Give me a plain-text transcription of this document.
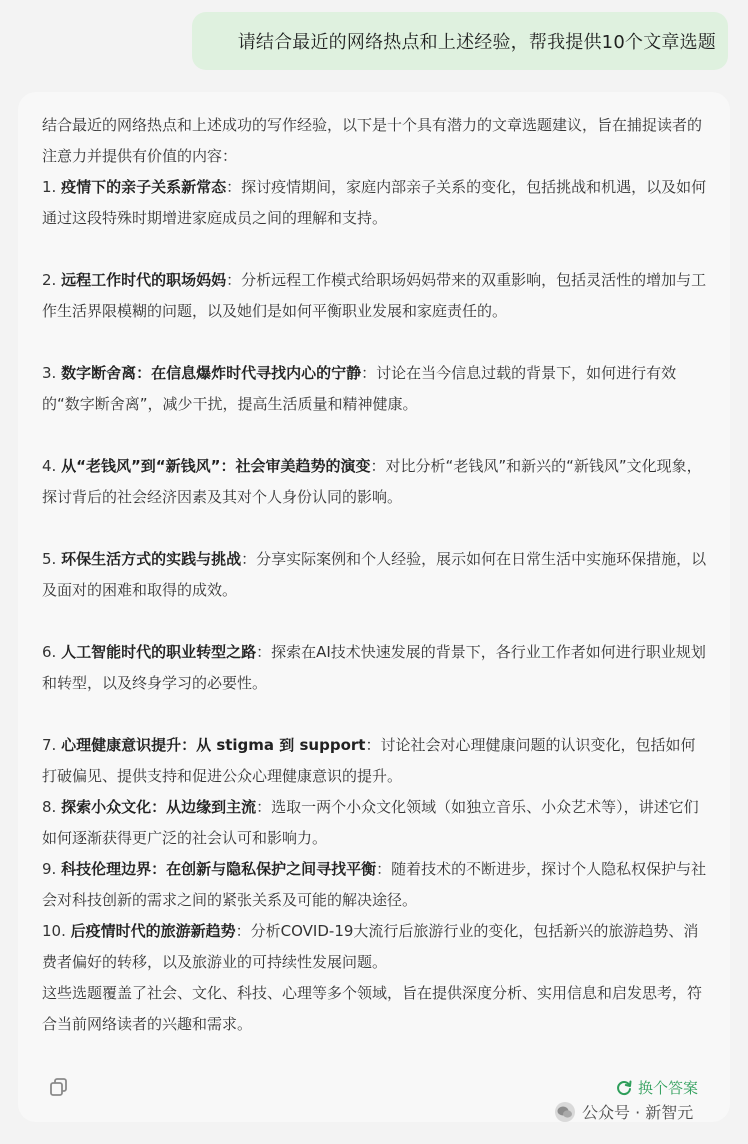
请结合最近的网络热点和上述经验，帮我提供10个文章选题

结合最近的网络热点和上述成功的写作经验，以下是十个具有潜力的文章选题建议，旨在捕捉读者的注意力并提供有价值的内容：

1. 疫情下的亲子关系新常态：探讨疫情期间，家庭内部亲子关系的变化，包括挑战和机遇，以及如何通过这段特殊时期增进家庭成员之间的理解和支持。

2. 远程工作时代的职场妈妈：分析远程工作模式给职场妈妈带来的双重影响，包括灵活性的增加与工作生活界限模糊的问题，以及她们是如何平衡职业发展和家庭责任的。

3. 数字断舍离：在信息爆炸时代寻找内心的宁静：讨论在当今信息过载的背景下，如何进行有效的“数字断舍离”，减少干扰，提高生活质量和精神健康。

4. 从“老钱风”到“新钱风”：社会审美趋势的演变：对比分析“老钱风”和新兴的“新钱风”文化现象，探讨背后的社会经济因素及其对个人身份认同的影响。

5. 环保生活方式的实践与挑战：分享实际案例和个人经验，展示如何在日常生活中实施环保措施，以及面对的困难和取得的成效。

6. 人工智能时代的职业转型之路：探索在AI技术快速发展的背景下，各行业工作者如何进行职业规划和转型，以及终身学习的必要性。

7. 心理健康意识提升：从 stigma 到 support：讨论社会对心理健康问题的认识变化，包括如何打破偏见、提供支持和促进公众心理健康意识的提升。

8. 探索小众文化：从边缘到主流：选取一两个小众文化领域（如独立音乐、小众艺术等），讲述它们如何逐渐获得更广泛的社会认可和影响力。

9. 科技伦理边界：在创新与隐私保护之间寻找平衡：随着技术的不断进步，探讨个人隐私权保护与社会对科技创新的需求之间的紧张关系及可能的解决途径。

10. 后疫情时代的旅游新趋势：分析COVID-19大流行后旅游行业的变化，包括新兴的旅游趋势、消费者偏好的转移，以及旅游业的可持续性发展问题。

这些选题覆盖了社会、文化、科技、心理等多个领域，旨在提供深度分析、实用信息和启发思考，符合当前网络读者的兴趣和需求。

换个答案
公众号 · 新智元
